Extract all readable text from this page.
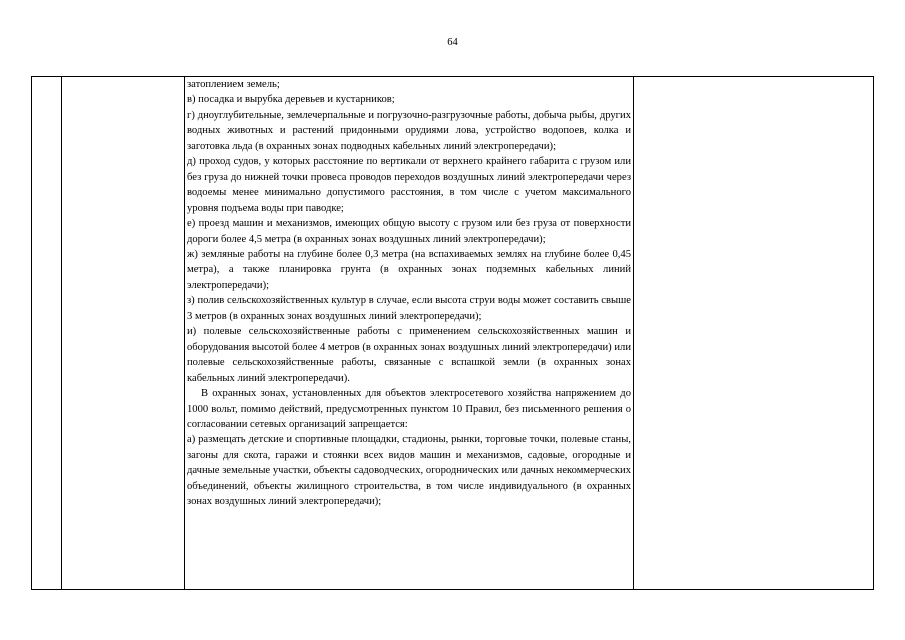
64

затоплением земель;

в) посадка и вырубка деревьев и кустарников;

г) дноуглубительные, землечерпальные и погрузочно-разгрузочные работы, добыча рыбы, других водных животных и растений придонными орудиями лова, устройство водопоев, колка и заготовка льда (в охранных зонах подводных кабельных линий электропередачи);

д) проход судов, у которых расстояние по вертикали от верхнего крайнего габарита с грузом или без груза до нижней точки провеса проводов переходов воздушных линий электропередачи через водоемы менее минимально допустимого расстояния, в том числе с учетом максимального уровня подъема воды при паводке;

е) проезд машин и механизмов, имеющих общую высоту с грузом или без груза от поверхности дороги более 4,5 метра (в охранных зонах воздушных линий электропередачи);

ж) земляные работы на глубине более 0,3 метра (на вспахиваемых землях на глубине более 0,45 метра), а также планировка грунта (в охранных зонах подземных кабельных линий электропередачи);

з) полив сельскохозяйственных культур в случае, если высота струи воды может составить свыше 3 метров (в охранных зонах воздушных линий электропередачи);

и) полевые сельскохозяйственные работы с применением сельскохозяйственных машин и оборудования высотой более 4 метров (в охранных зонах воздушных линий электропередачи) или полевые сельскохозяйственные работы, связанные с вспашкой земли (в охранных зонах кабельных линий электропередачи).

В охранных зонах, установленных для объектов электросетевого хозяйства напряжением до 1000 вольт, помимо действий, предусмотренных пунктом 10 Правил, без письменного решения о согласовании сетевых организаций запрещается:

а) размещать детские и спортивные площадки, стадионы, рынки, торговые точки, полевые станы, загоны для скота, гаражи и стоянки всех видов машин и механизмов, садовые, огородные и дачные земельные участки, объекты садоводческих, огороднических или дачных некоммерческих объединений, объекты жилищного строительства, в том числе индивидуального (в охранных зонах воздушных линий электропередачи);
